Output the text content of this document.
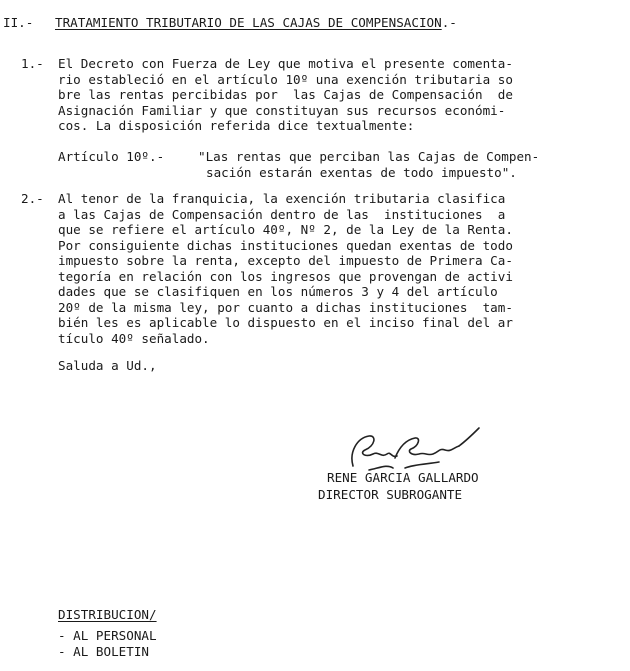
II.- TRATAMIENTO TRIBUTARIO DE LAS CAJAS DE COMPENSACION.-
1.- El Decreto con Fuerza de Ley que motiva el presente comenta-
rio estableció en el artículo 10º una exención tributaria so
bre las rentas percibidas por  las Cajas de Compensación  de
Asignación Familiar y que constituyan sus recursos económi-
cos. La disposición referida dice textualmente:
Artículo 10º.-	"Las rentas que perciban las Cajas de Compen-
sación estarán exentas de todo impuesto".
2.- Al tenor de la franquicia, la exención tributaria clasifica
a las Cajas de Compensación dentro de las  instituciones  a
que se refiere el artículo 40º, Nº 2, de la Ley de la Renta.
Por consiguiente dichas instituciones quedan exentas de todo
impuesto sobre la renta, excepto del impuesto de Primera Ca-
tegoría en relación con los ingresos que provengan de activi
dades que se clasifiquen en los números 3 y 4 del artículo
20º de la misma ley, por cuanto a dichas instituciones  tam-
bién les es aplicable lo dispuesto en el inciso final del ar
tículo 40º señalado.
Saluda a Ud.,
RENE GARCIA GALLARDO
DIRECTOR SUBROGANTE
DISTRIBUCION/
- AL PERSONAL
- AL BOLETIN
